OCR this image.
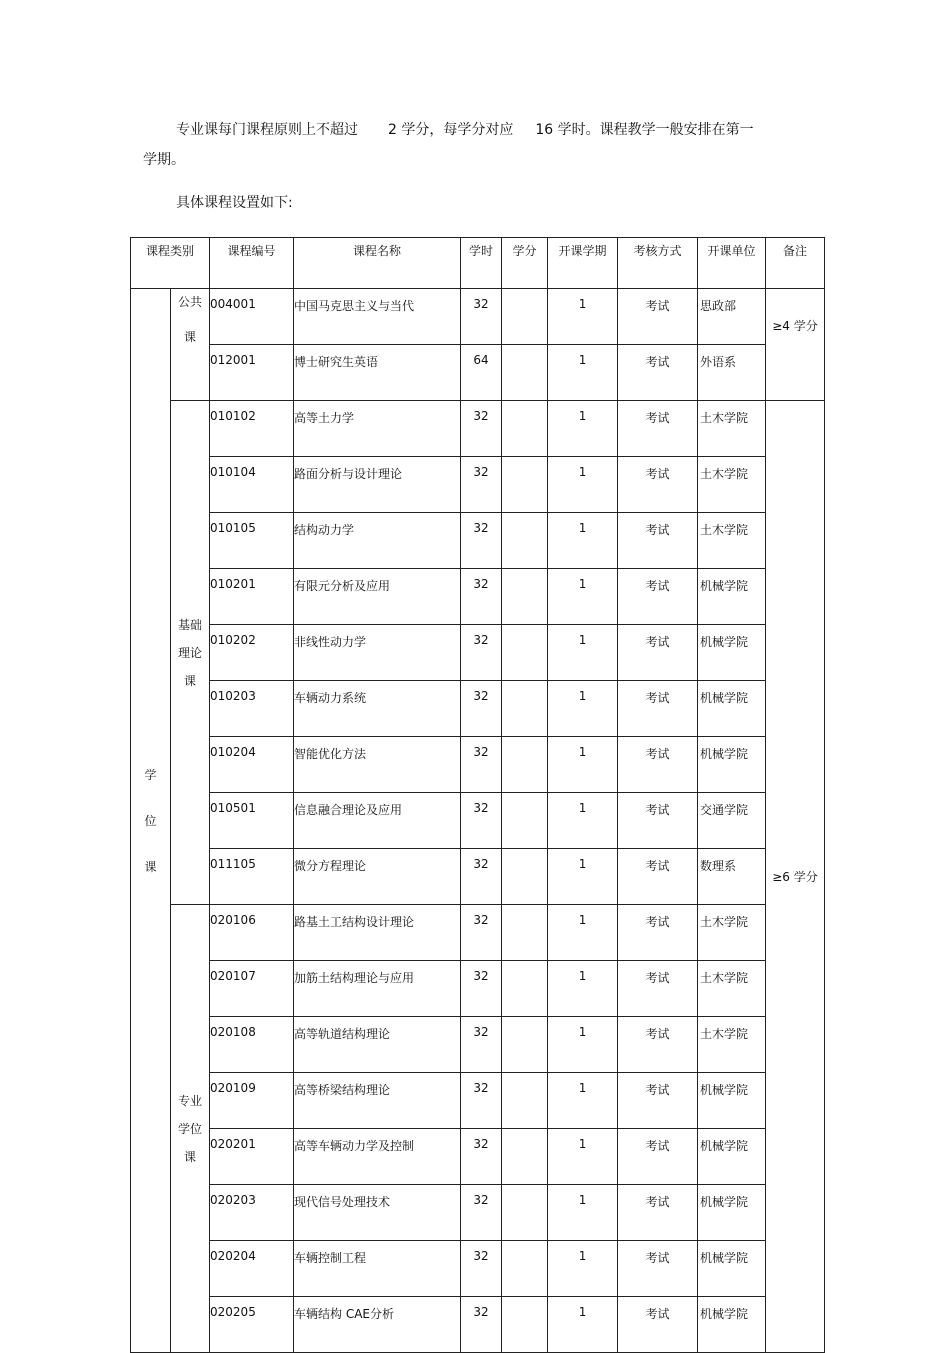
专业课每门课程原则上不超过 2 学分，每学分对应 16 学时。课程教学一般安排在第一
学期。
具体课程设置如下:
课程类别		课程编号	课程名称	学时	学分	开课学期	考核方式	开课单位	备注

学
位
课	公共
课	004001	中国马克思主义与当代	32		1	考试	思政部	≥4 学分
		012001	博士研究生英语	64		1	考试	外语系	

	基础
理论
课	010102	高等土力学	32		1	考试	土木学院	≥6 学分
		010104	路面分析与设计理论	32		1	考试	土木学院	
		010105	结构动力学	32		1	考试	土木学院	
		010201	有限元分析及应用	32		1	考试	机械学院	
		010202	非线性动力学	32		1	考试	机械学院	
		010203	车辆动力系统	32		1	考试	机械学院	
		010204	智能优化方法	32		1	考试	机械学院	
		010501	信息融合理论及应用	32		1	考试	交通学院	
		011105	微分方程理论	32		1	考试	数理系	

	专业
学位
课	020106	路基土工结构设计理论	32		1	考试	土木学院	
		020107	加筋土结构理论与应用	32		1	考试	土木学院	
		020108	高等轨道结构理论	32		1	考试	土木学院	
		020109	高等桥梁结构理论	32		1	考试	机械学院	
		020201	高等车辆动力学及控制	32		1	考试	机械学院	
		020203	现代信号处理技术	32		1	考试	机械学院	
		020204	车辆控制工程	32		1	考试	机械学院	
		020205	车辆结构 CAE分析	32		1	考试	机械学院	
